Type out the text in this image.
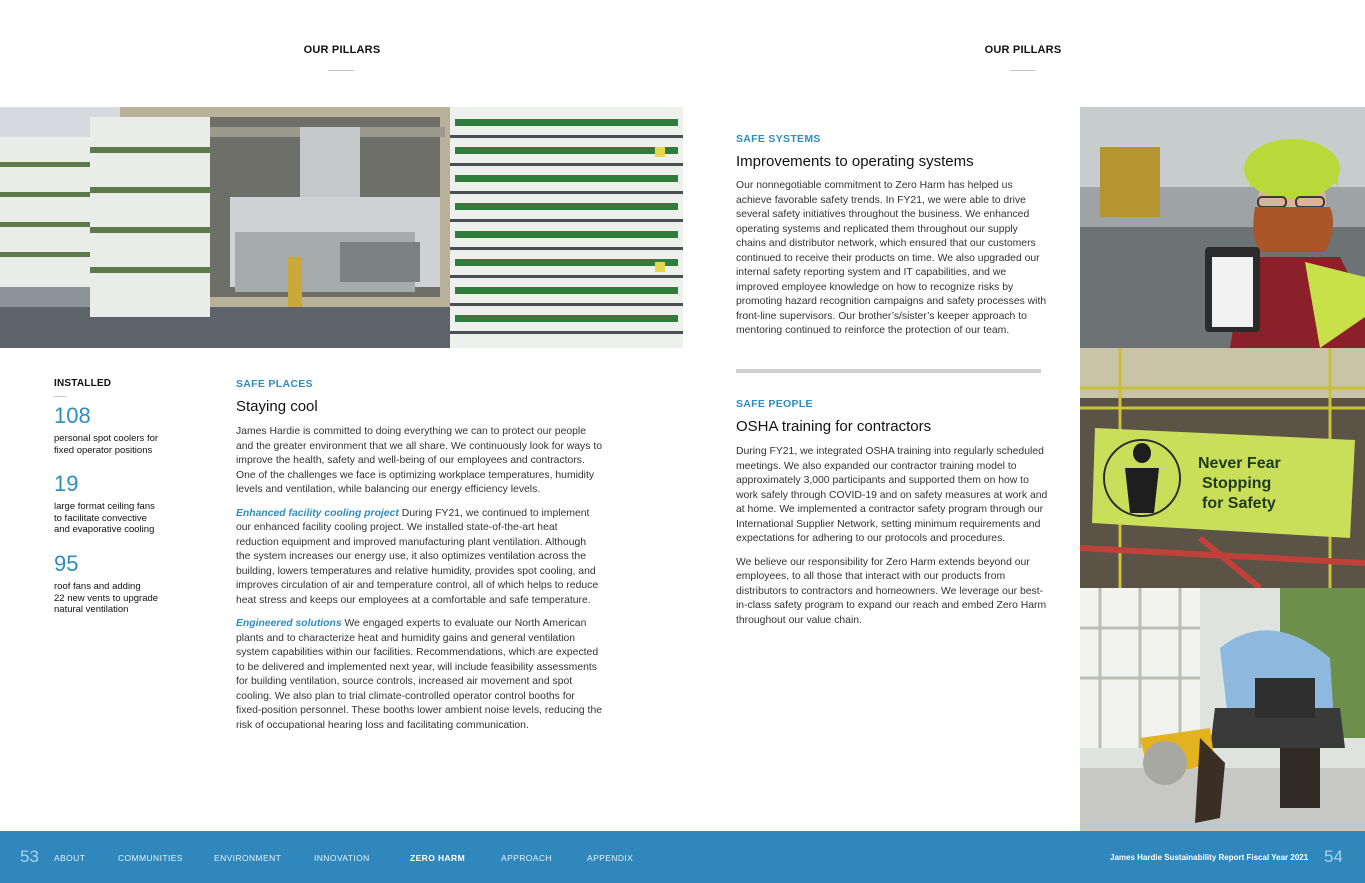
OUR PILLARS	OUR PILLARS
INSTALLED
108
personal spot coolers for
fixed operator positions
19
large format ceiling fans
to facilitate convective
and evaporative cooling
95
roof fans and adding
22 new vents to upgrade
natural ventilation
SAFE PLACES
Staying cool

James Hardie is committed to doing everything we can to protect our people and the greater environment that we all share. We continuously look for ways to improve the health, safety and well-being of our employees and contractors. One of the challenges we face is optimizing workplace temperatures, humidity levels and ventilation, while balancing our energy efficiency levels.

Enhanced facility cooling project During FY21, we continued to implement our enhanced facility cooling project. We installed state-of-the-art heat reduction equipment and improved manufacturing plant ventilation. Although the system increases our energy use, it also optimizes ventilation across the building, lowers temperatures and relative humidity, provides spot cooling, and improves circulation of air and temperature control, all of which helps to reduce heat stress and keeps our employees at a comfortable and safe temperature.

Engineered solutions We engaged experts to evaluate our North American plants and to characterize heat and humidity gains and general ventilation system capabilities within our facilities. Recommendations, which are expected to be delivered and implemented next year, will include feasibility assessments for building ventilation, source controls, increased air movement and spot cooling. We also plan to trial climate-controlled operator control booths for fixed-position personnel. These booths lower ambient noise levels, reducing the risk of occupational hearing loss and facilitating communication.

SAFE SYSTEMS
Improvements to operating systems

Our nonnegotiable commitment to Zero Harm has helped us achieve favorable safety trends. In FY21, we were able to drive several safety initiatives throughout the business. We enhanced operating systems and replicated them throughout our supply chains and distributor network, which ensured that our customers continued to receive their products on time. We also upgraded our internal safety reporting system and IT capabilities, and we improved employee knowledge on how to recognize risks by promoting hazard recognition campaigns and safety processes with front-line supervisors. Our brother’s/sister’s keeper approach to mentoring continued to reinforce the protection of our team.

SAFE PEOPLE
OSHA training for contractors

During FY21, we integrated OSHA training into regularly scheduled meetings. We also expanded our contractor training model to approximately 3,000 participants and supported them on how to work safely through COVID-19 and on safety measures at work and at home. We implemented a contractor safety program through our International Supplier Network, setting minimum requirements and expectations for adhering to our protocols and procedures.

We believe our responsibility for Zero Harm extends beyond our employees, to all those that interact with our products from distributors to contractors and homeowners. We leverage our best-in-class safety program to expand our reach and embed Zero Harm throughout our value chain.

Never Fear
Stopping
for Safety
53 ABOUT	COMMUNITIES	ENVIRONMENT	INNOVATION	ZERO HARM	APPROACH	APPENDIX	James Hardie Sustainability Report Fiscal Year 2021 54
